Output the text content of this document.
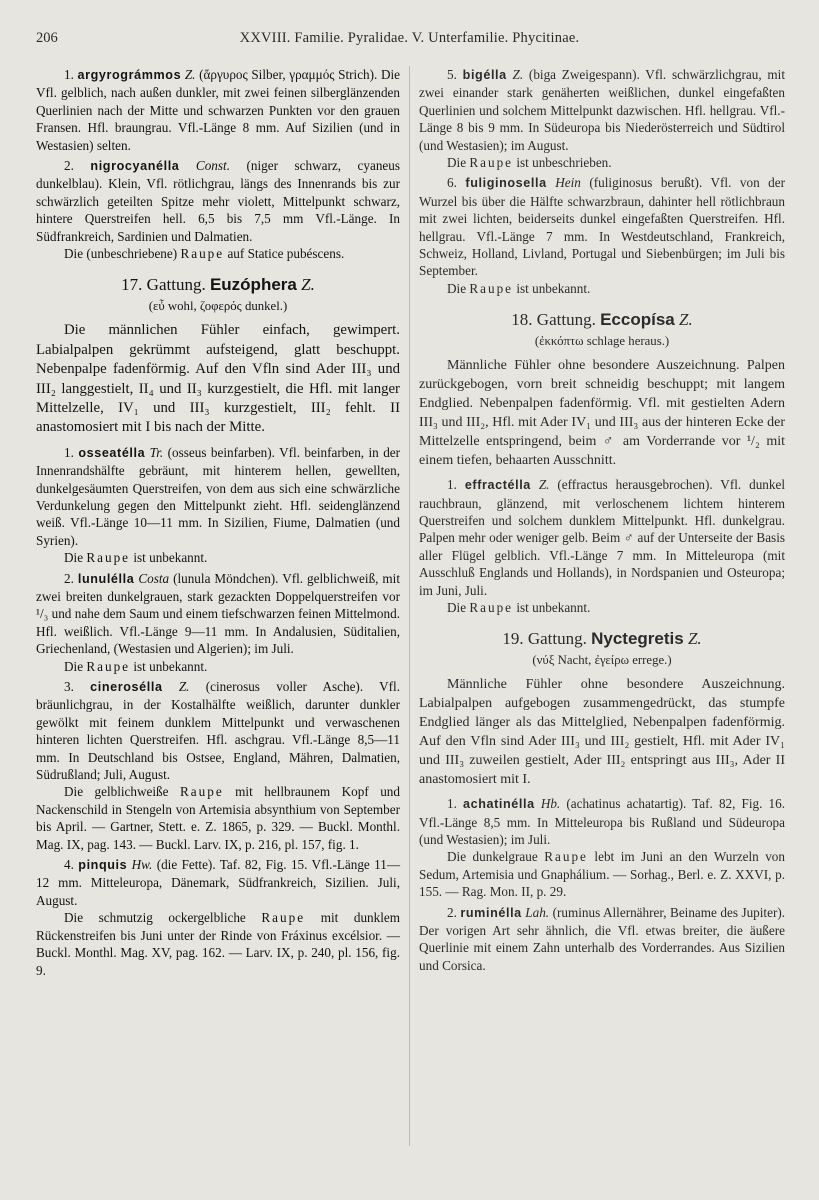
206	XXVIII. Familie. Pyralidae. V. Unterfamilie. Phycitinae.

1. argyrográmmos Z. (ἄργυρος Silber, γραμμός Strich). Die Vfl. gelblich, nach außen dunkler, mit zwei feinen silberglänzenden Querlinien nach der Mitte und schwarzen Punkten vor den grauen Fransen. Hfl. braungrau. Vfl.-Länge 8 mm. Auf Sizilien (und in Westasien) selten.

2. nigrocyanélla Const. (niger schwarz, cyaneus dunkelblau). Klein, Vfl. rötlichgrau, längs des Innenrands bis zur schwärzlich geteilten Spitze mehr violett, Mittelpunkt schwarz, hintere Querstreifen hell. 6,5 bis 7,5 mm Vfl.-Länge. In Südfrankreich, Sardinien und Dalmatien.

Die (unbeschriebene) Raupe auf Statice pubéscens.

17. Gattung. Euzóphera Z.
(εὖ wohl, ζοφερός dunkel.)

Die männlichen Fühler einfach, gewimpert. Labialpalpen gekrümmt aufsteigend, glatt beschuppt. Nebenpalpe fadenförmig. Auf den Vfln sind Ader III₃ und III₂ langgestielt, II₄ und II₃ kurzgestielt, die Hfl. mit langer Mittelzelle, IV₁ und III₃ kurzgestielt, III₂ fehlt. II anastomosiert mit I bis nach der Mitte.

1. osseatélla Tr. (osseus beinfarben). Vfl. beinfarben, in der Innenrandshälfte gebräunt, mit hinterem hellen, gewellten, dunkelgesäumten Querstreifen, von dem aus sich eine schwärzliche Verdunkelung gegen den Mittelpunkt zieht. Hfl. seidenglänzend weiß. Vfl.-Länge 10—11 mm. In Sizilien, Fiume, Dalmatien (und Syrien).

Die Raupe ist unbekannt.

2. lunulélla Costa (lunula Möndchen). Vfl. gelblichweiß, mit zwei breiten dunkelgrauen, stark gezackten Doppelquerstreifen vor ¹/₃ und nahe dem Saum und einem tiefschwarzen feinen Mittelmond. Hfl. weißlich. Vfl.-Länge 9—11 mm. In Andalusien, Süditalien, Griechenland, (Westasien und Algerien); im Juli.

Die Raupe ist unbekannt.

3. cinerosélla Z. (cinerosus voller Asche). Vfl. bräunlichgrau, in der Kostalhälfte weißlich, darunter dunkler gewölkt mit feinem dunklem Mittelpunkt und verwaschenen hinteren lichten Querstreifen. Hfl. aschgrau. Vfl.-Länge 8,5—11 mm. In Deutschland bis Ostsee, England, Mähren, Dalmatien, Südrußland; Juli, August.

Die gelblichweiße Raupe mit hellbraunem Kopf und Nackenschild in Stengeln von Artemisia absynthium von September bis April. — Gartner, Stett. e. Z. 1865, p. 329. — Buckl. Monthl. Mag. IX, pag. 143. — Buckl. Larv. IX, p. 216, pl. 157, fig. 1.

4. pinquis Hw. (die Fette). Taf. 82, Fig. 15. Vfl.-Länge 11—12 mm. Mitteleuropa, Dänemark, Südfrankreich, Sizilien. Juli, August.

Die schmutzig ockergelbliche Raupe mit dunklem Rückenstreifen bis Juni unter der Rinde von Fráxinus excélsior. — Buckl. Monthl. Mag. XV, pag. 162. — Larv. IX, p. 240, pl. 156, fig. 9.

5. bigélla Z. (biga Zweigespann). Vfl. schwärzlichgrau, mit zwei einander stark genäherten weißlichen, dunkel eingefaßten Querlinien und solchem Mittelpunkt dazwischen. Hfl. hellgrau. Vfl.-Länge 8 bis 9 mm. In Südeuropa bis Niederösterreich und Südtirol (und Westasien); im August.

Die Raupe ist unbeschrieben.

6. fuliginosella Hein (fuliginosus berußt). Vfl. von der Wurzel bis über die Hälfte schwarzbraun, dahinter hell rötlichbraun mit zwei lichten, beiderseits dunkel eingefaßten Querstreifen. Hfl. hellgrau. Vfl.-Länge 7 mm. In Westdeutschland, Frankreich, Schweiz, Holland, Livland, Portugal und Siebenbürgen; im Juli bis September.

Die Raupe ist unbekannt.

18. Gattung. Eccopísa Z.
(ἐκκόπτω schlage heraus.)

Männliche Fühler ohne besondere Auszeichnung. Palpen zurückgebogen, vorn breit schneidig beschuppt; mit langem Endglied. Nebenpalpen fadenförmig. Vfl. mit gestielten Adern III₃ und III₂, Hfl. mit Ader IV₁ und III₃ aus der hinteren Ecke der Mittelzelle entspringend, beim ♂ am Vorderrande vor ¹/₂ mit einem tiefen, behaarten Ausschnitt.

1. effractélla Z. (effractus herausgebrochen). Vfl. dunkel rauchbraun, glänzend, mit verloschenem lichtem hinterem Querstreifen und solchem dunklem Mittelpunkt. Hfl. dunkelgrau. Palpen mehr oder weniger gelb. Beim ♂ auf der Unterseite der Basis aller Flügel gelblich. Vfl.-Länge 7 mm. In Mitteleuropa (mit Ausschluß Englands und Hollands), in Nordspanien und Osteuropa; im Juni, Juli.

Die Raupe ist unbekannt.

19. Gattung. Nyctegretis Z.
(νύξ Nacht, ἐγείρω errege.)

Männliche Fühler ohne besondere Auszeichnung. Labialpalpen aufgebogen zusammengedrückt, das stumpfe Endglied länger als das Mittelglied, Nebenpalpen fadenförmig. Auf den Vfln sind Ader III₃ und III₂ gestielt, Hfl. mit Ader IV₁ und III₃ zuweilen gestielt, Ader III₂ entspringt aus III₃, Ader II anastomosiert mit I.

1. achatinélla Hb. (achatinus achatartig). Taf. 82, Fig. 16. Vfl.-Länge 8,5 mm. In Mitteleuropa bis Rußland und Südeuropa (und Westasien); im Juli.

Die dunkelgraue Raupe lebt im Juni an den Wurzeln von Sedum, Artemisia und Gnaphálium. — Sorhag., Berl. e. Z. XXVI, p. 155. — Rag. Mon. II, p. 29.

2. ruminélla Lah. (ruminus Allernährer, Beiname des Jupiter). Der vorigen Art sehr ähnlich, die Vfl. etwas breiter, die äußere Querlinie mit einem Zahn unterhalb des Vorderrandes. Aus Sizilien und Corsica.
